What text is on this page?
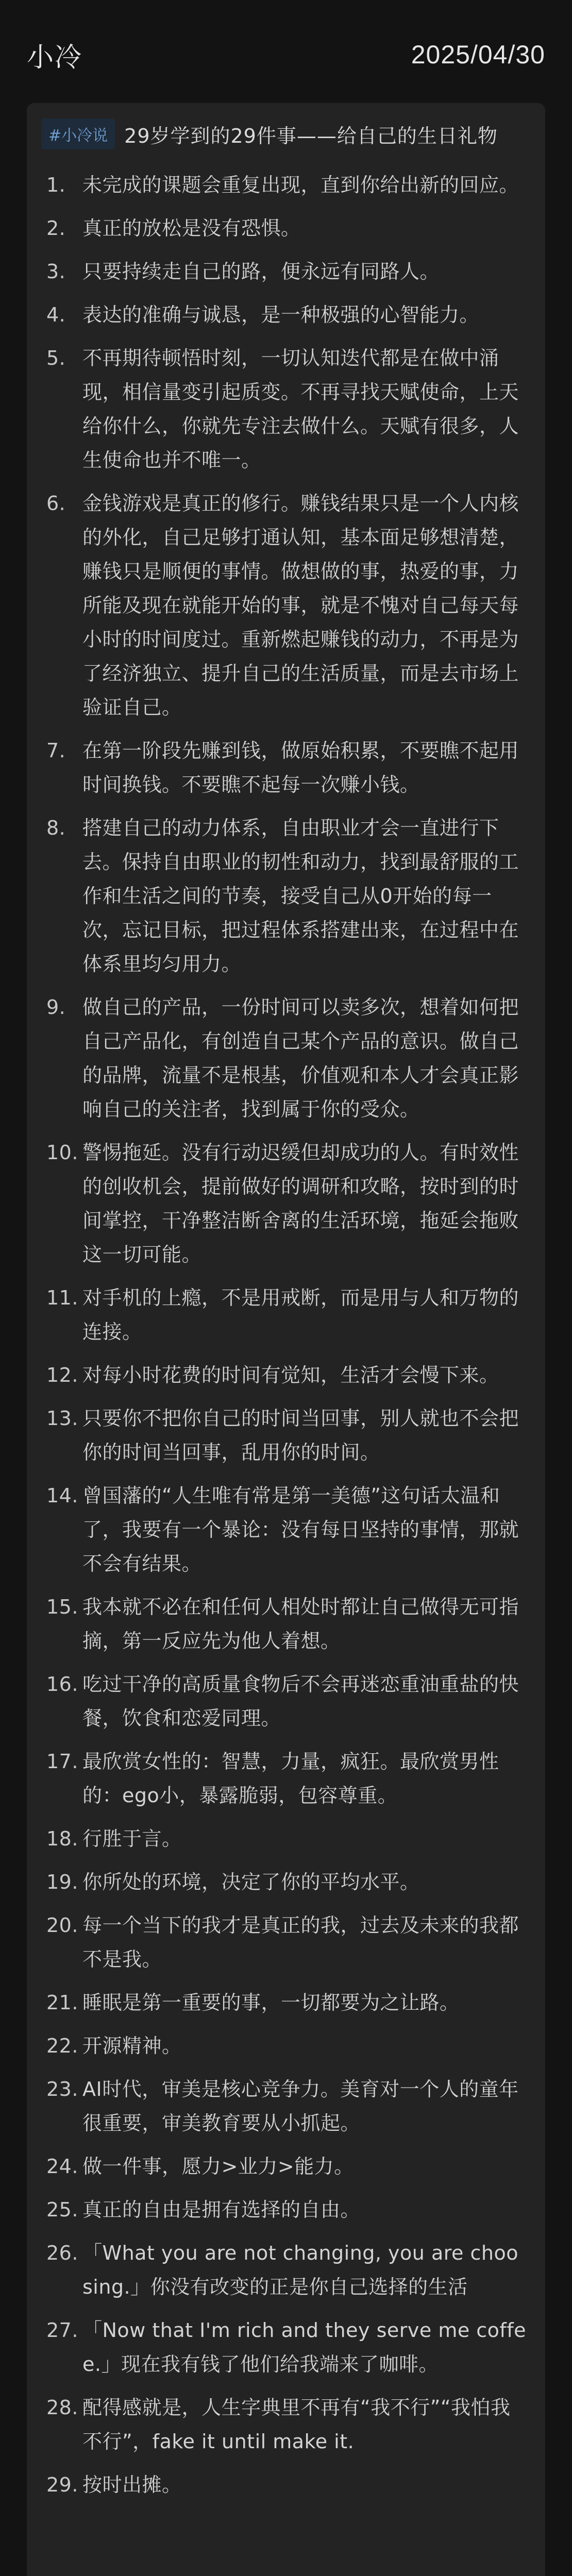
小冷	2025/04/30
#小冷说 29岁学到的29件事——给自己的生日礼物
1. 未完成的课题会重复出现，直到你给出新的回应。
2. 真正的放松是没有恐惧。
3. 只要持续走自己的路，便永远有同路人。
4. 表达的准确与诚恳，是一种极强的心智能力。
5. 不再期待顿悟时刻，一切认知迭代都是在做中涌现，相信量变引起质变。不再寻找天赋使命，上天给你什么，你就先专注去做什么。天赋有很多，人生使命也并不唯一。
6. 金钱游戏是真正的修行。赚钱结果只是一个人内核的外化，自己足够打通认知，基本面足够想清楚，赚钱只是顺便的事情。做想做的事，热爱的事，力所能及现在就能开始的事，就是不愧对自己每天每小时的时间度过。重新燃起赚钱的动力，不再是为了经济独立、提升自己的生活质量，而是去市场上验证自己。
7. 在第一阶段先赚到钱，做原始积累，不要瞧不起用时间换钱。不要瞧不起每一次赚小钱。
8. 搭建自己的动力体系，自由职业才会一直进行下去。保持自由职业的韧性和动力，找到最舒服的工作和生活之间的节奏，接受自己从0开始的每一次，忘记目标，把过程体系搭建出来，在过程中在体系里均匀用力。
9. 做自己的产品，一份时间可以卖多次，想着如何把自己产品化，有创造自己某个产品的意识。做自己的品牌，流量不是根基，价值观和本人才会真正影响自己的关注者，找到属于你的受众。
10. 警惕拖延。没有行动迟缓但却成功的人。有时效性的创收机会，提前做好的调研和攻略，按时到的时间掌控，干净整洁断舍离的生活环境，拖延会拖败这一切可能。
11. 对手机的上瘾，不是用戒断，而是用与人和万物的连接。
12. 对每小时花费的时间有觉知，生活才会慢下来。
13. 只要你不把你自己的时间当回事，别人就也不会把你的时间当回事，乱用你的时间。
14. 曾国藩的“人生唯有常是第一美德”这句话太温和了，我要有一个暴论：没有每日坚持的事情，那就不会有结果。
15. 我本就不必在和任何人相处时都让自己做得无可指摘，第一反应先为他人着想。
16. 吃过干净的高质量食物后不会再迷恋重油重盐的快餐，饮食和恋爱同理。
17. 最欣赏女性的：智慧，力量，疯狂。最欣赏男性的：ego小，暴露脆弱，包容尊重。
18. 行胜于言。
19. 你所处的环境，决定了你的平均水平。
20. 每一个当下的我才是真正的我，过去及未来的我都不是我。
21. 睡眠是第一重要的事，一切都要为之让路。
22. 开源精神。
23. AI时代，审美是核心竞争力。美育对一个人的童年很重要，审美教育要从小抓起。
24. 做一件事，愿力>业力>能力。
25. 真正的自由是拥有选择的自由。
26. 「What you are not changing, you are choosing.」你没有改变的正是你自己选择的生活
27. 「Now that I'm rich and they serve me coffee.」现在我有钱了他们给我端来了咖啡。
28. 配得感就是，人生字典里不再有“我不行”“我怕我不行”，fake it until make it.
29. 按时出摊。
